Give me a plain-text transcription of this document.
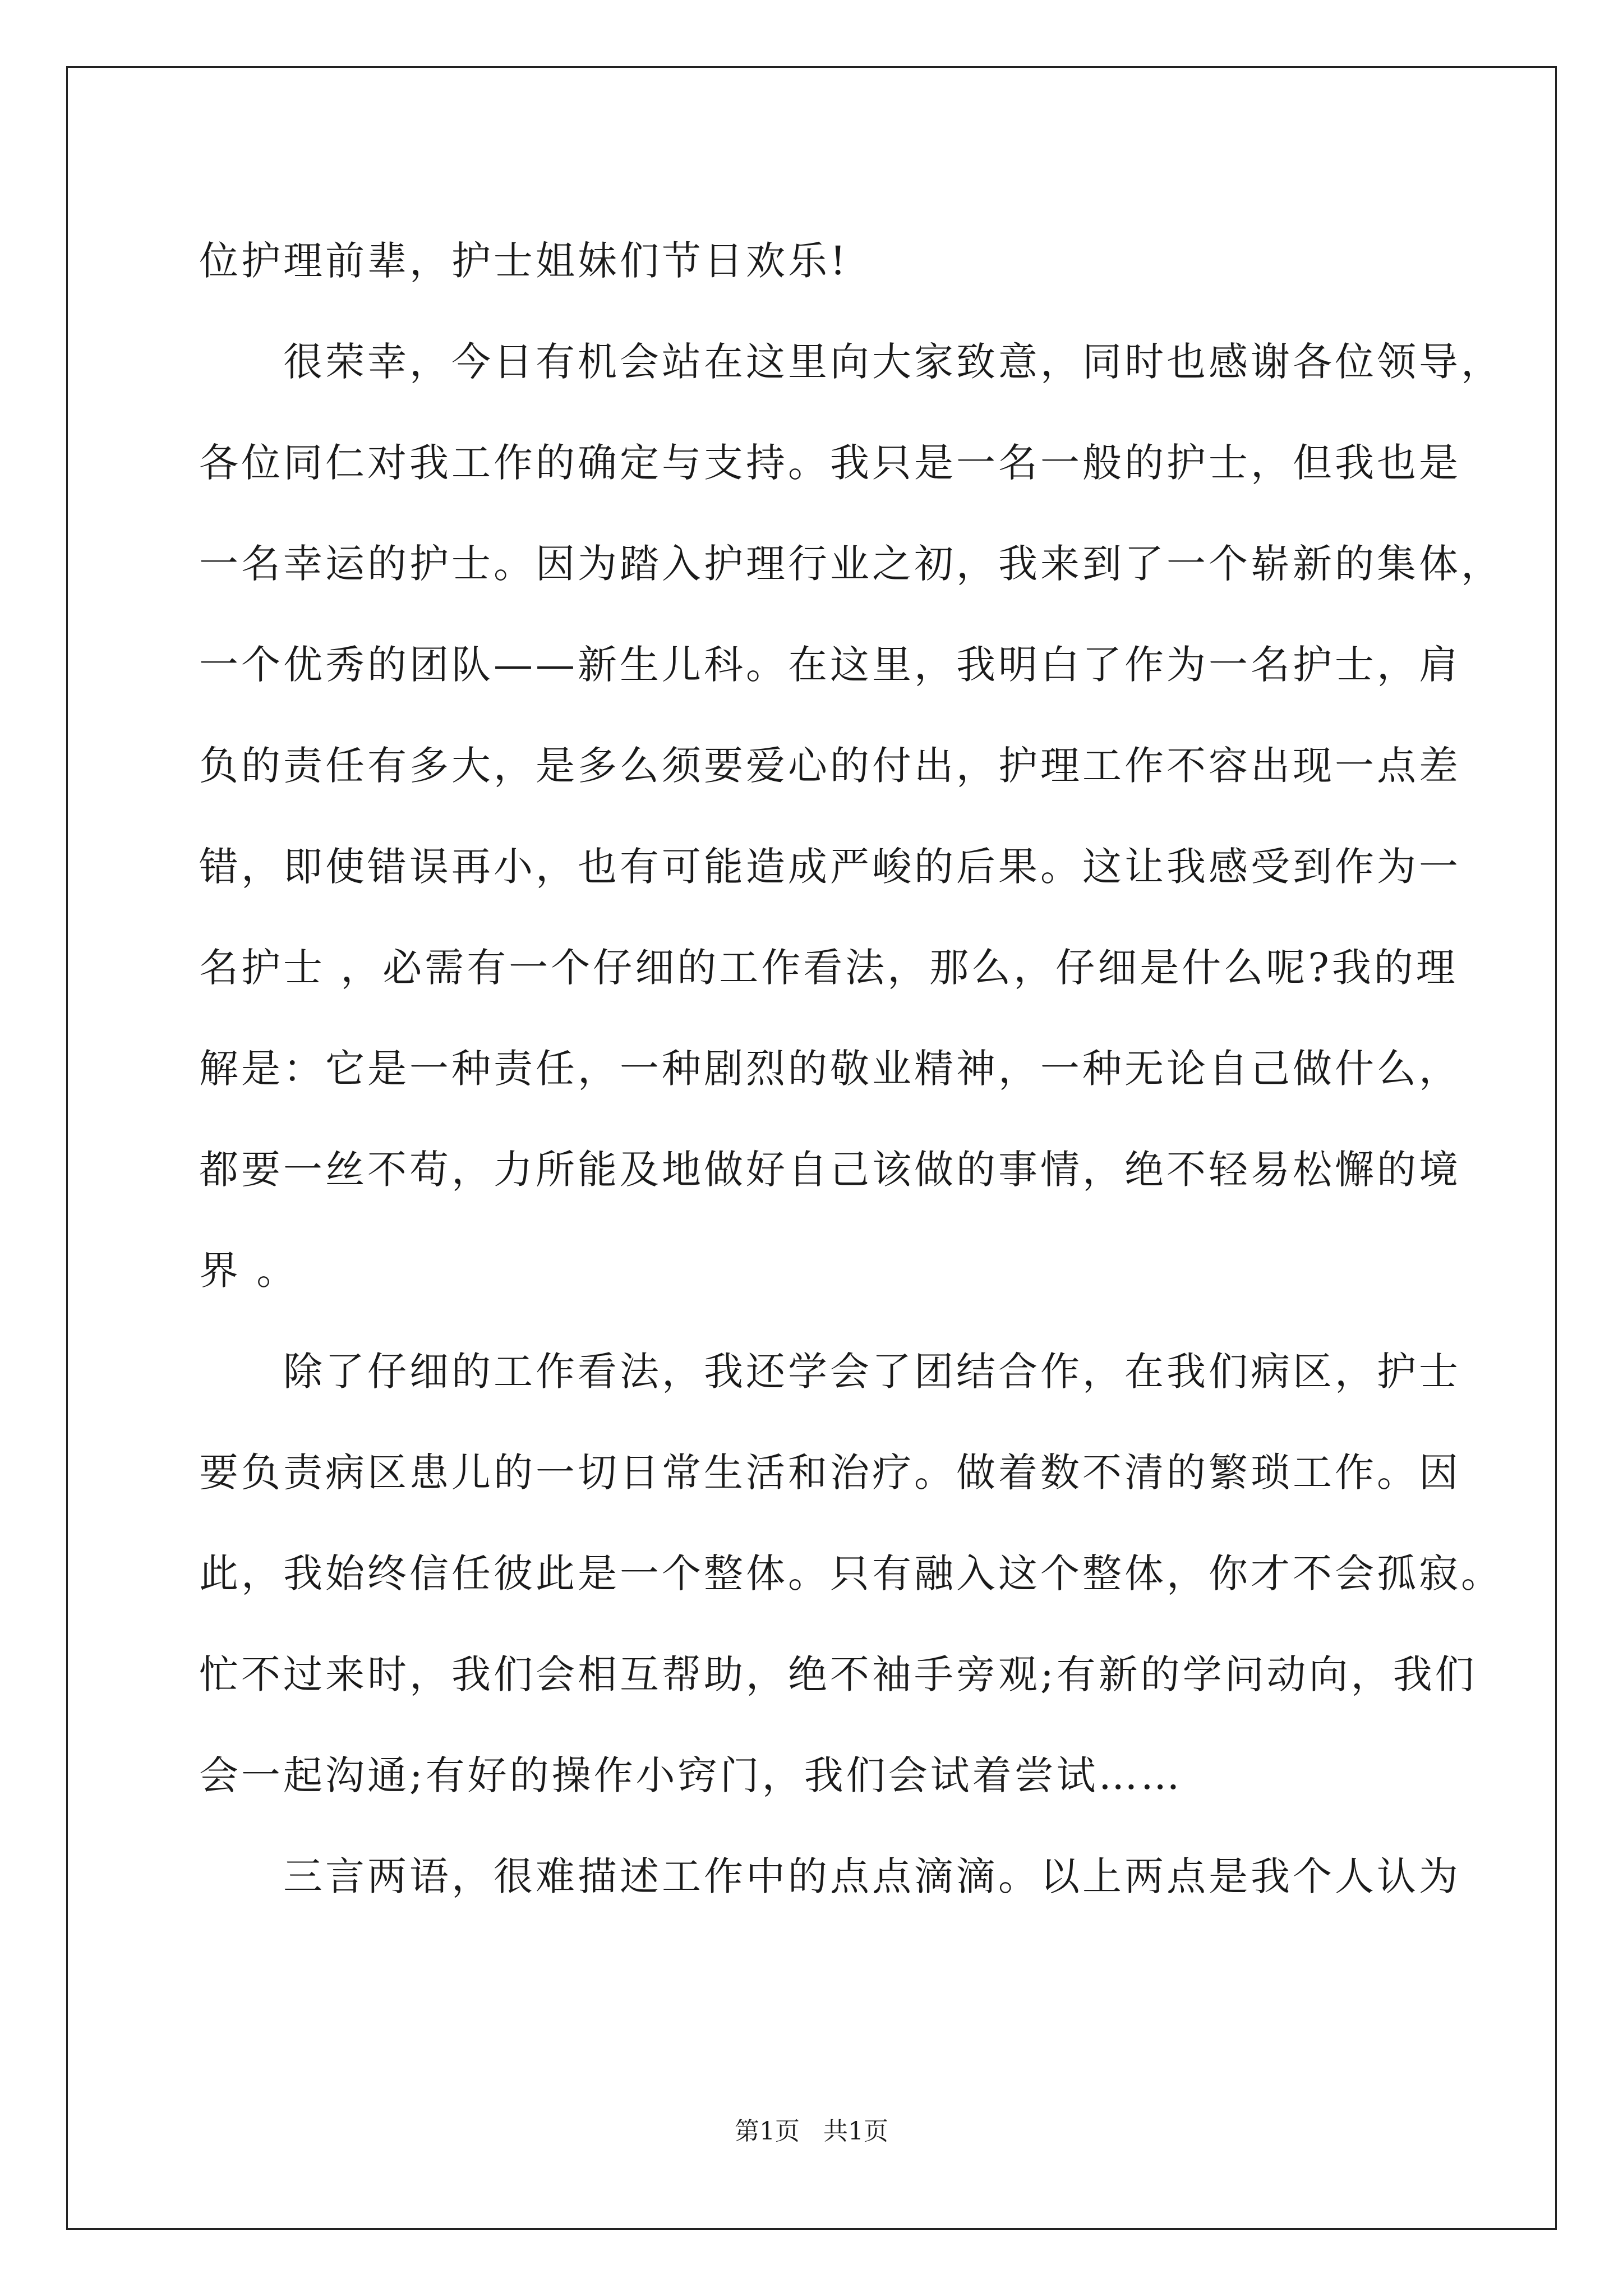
位护理前辈，护士姐妹们节日欢乐!

很荣幸，今日有机会站在这里向大家致意，同时也感谢各位领导，

各位同仁对我工作的确定与支持。我只是一名一般的护士，但我也是

一名幸运的护士。因为踏入护理行业之初，我来到了一个崭新的集体，

一个优秀的团队——新生儿科。在这里，我明白了作为一名护士，肩

负的责任有多大，是多么须要爱心的付出，护理工作不容出现一点差

错，即使错误再小，也有可能造成严峻的后果。这让我感受到作为一

名护士 ，必需有一个仔细的工作看法，那么，仔细是什么呢?我的理

解是：它是一种责任，一种剧烈的敬业精神，一种无论自己做什么，

都要一丝不苟，力所能及地做好自己该做的事情，绝不轻易松懈的境

界 。

除了仔细的工作看法，我还学会了团结合作，在我们病区，护士

要负责病区患儿的一切日常生活和治疗。做着数不清的繁琐工作。因

此，我始终信任彼此是一个整体。只有融入这个整体，你才不会孤寂。

忙不过来时，我们会相互帮助，绝不袖手旁观;有新的学问动向，我们

会一起沟通;有好的操作小窍门，我们会试着尝试……

三言两语，很难描述工作中的点点滴滴。以上两点是我个人认为

第1页   共1页
